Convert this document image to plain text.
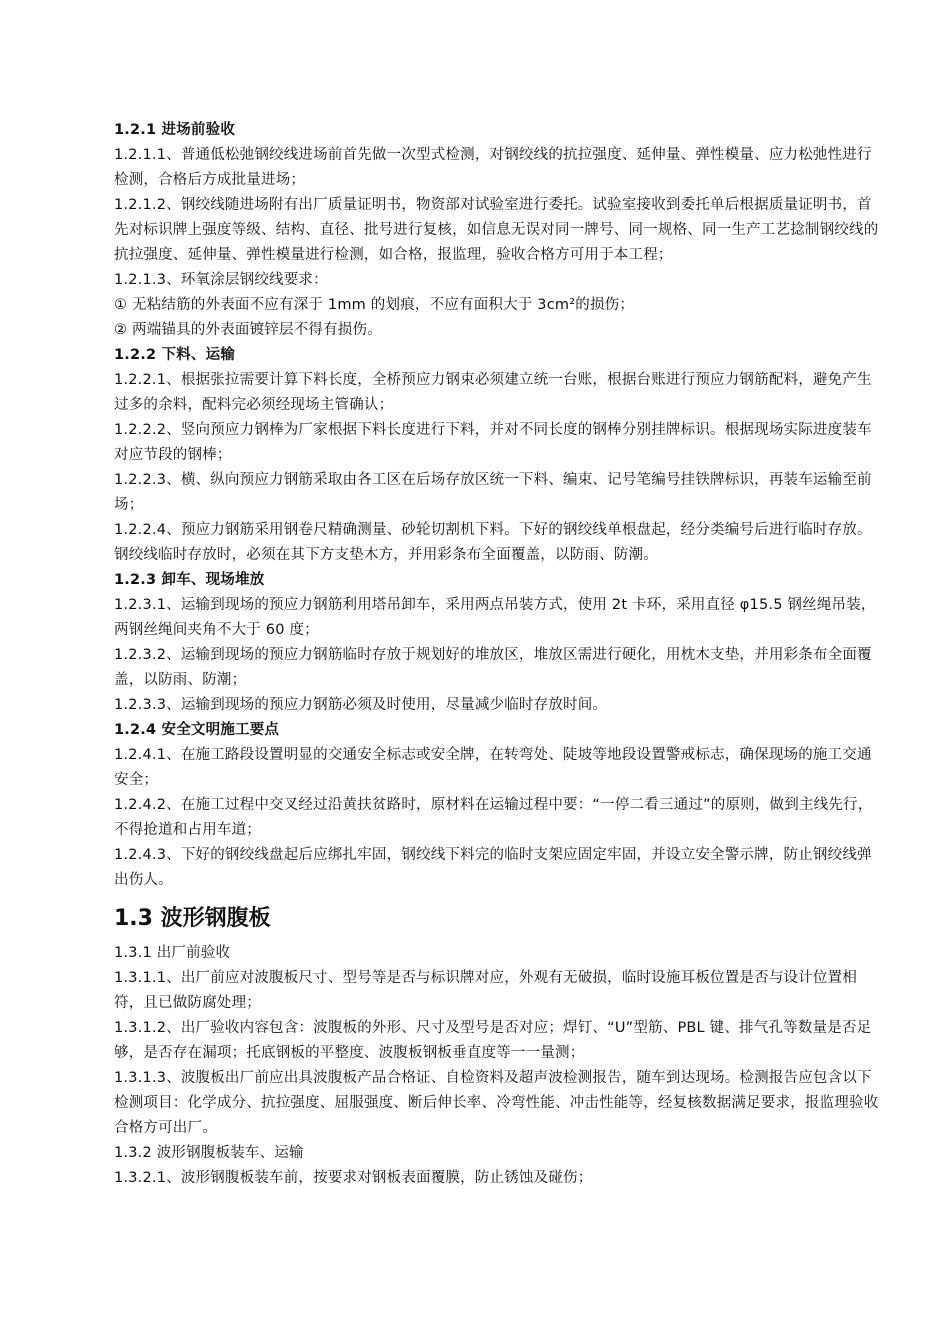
1.2.1 进场前验收

1.2.1.1、普通低松弛钢绞线进场前首先做一次型式检测，对钢绞线的抗拉强度、延伸量、弹性模量、应力松弛性进行检测，合格后方成批量进场；

1.2.1.2、钢绞线随进场附有出厂质量证明书，物资部对试验室进行委托。试验室接收到委托单后根据质量证明书，首先对标识牌上强度等级、结构、直径、批号进行复核，如信息无误对同一牌号、同一规格、同一生产工艺捻制钢绞线的抗拉强度、延伸量、弹性模量进行检测，如合格，报监理，验收合格方可用于本工程；

1.2.1.3、环氧涂层钢绞线要求：

① 无粘结筋的外表面不应有深于 1mm 的划痕，不应有面积大于 3cm²的损伤；

② 两端锚具的外表面镀锌层不得有损伤。

1.2.2 下料、运输

1.2.2.1、根据张拉需要计算下料长度，全桥预应力钢束必须建立统一台账，根据台账进行预应力钢筋配料，避免产生过多的余料，配料完必须经现场主管确认；

1.2.2.2、竖向预应力钢棒为厂家根据下料长度进行下料，并对不同长度的钢棒分别挂牌标识。根据现场实际进度装车对应节段的钢棒；

1.2.2.3、横、纵向预应力钢筋采取由各工区在后场存放区统一下料、编束、记号笔编号挂铁牌标识，再装车运输至前场；

1.2.2.4、预应力钢筋采用钢卷尺精确测量、砂轮切割机下料。下好的钢绞线单根盘起，经分类编号后进行临时存放。钢绞线临时存放时，必须在其下方支垫木方，并用彩条布全面覆盖，以防雨、防潮。

1.2.3 卸车、现场堆放

1.2.3.1、运输到现场的预应力钢筋利用塔吊卸车，采用两点吊装方式，使用 2t 卡环，采用直径 φ15.5 钢丝绳吊装，两钢丝绳间夹角不大于 60 度；

1.2.3.2、运输到现场的预应力钢筋临时存放于规划好的堆放区，堆放区需进行硬化，用枕木支垫，并用彩条布全面覆盖，以防雨、防潮；

1.2.3.3、运输到现场的预应力钢筋必须及时使用，尽量减少临时存放时间。

1.2.4 安全文明施工要点

1.2.4.1、在施工路段设置明显的交通安全标志或安全牌，在转弯处、陡坡等地段设置警戒标志，确保现场的施工交通安全；

1.2.4.2、在施工过程中交叉经过沿黄扶贫路时，原材料在运输过程中要：“一停二看三通过”的原则，做到主线先行，不得抢道和占用车道；

1.2.4.3、下好的钢绞线盘起后应绑扎牢固，钢绞线下料完的临时支架应固定牢固，并设立安全警示牌，防止钢绞线弹出伤人。

1.3 波形钢腹板

1.3.1 出厂前验收

1.3.1.1、出厂前应对波腹板尺寸、型号等是否与标识牌对应，外观有无破损，临时设施耳板位置是否与设计位置相符，且已做防腐处理；

1.3.1.2、出厂验收内容包含：波腹板的外形、尺寸及型号是否对应；焊钉、“U”型筋、PBL 键、排气孔等数量是否足够，是否存在漏项；托底钢板的平整度、波腹板钢板垂直度等一一量测；

1.3.1.3、波腹板出厂前应出具波腹板产品合格证、自检资料及超声波检测报告，随车到达现场。检测报告应包含以下检测项目：化学成分、抗拉强度、屈服强度、断后伸长率、冷弯性能、冲击性能等，经复核数据满足要求，报监理验收合格方可出厂。

1.3.2 波形钢腹板装车、运输

1.3.2.1、波形钢腹板装车前，按要求对钢板表面覆膜，防止锈蚀及碰伤；
